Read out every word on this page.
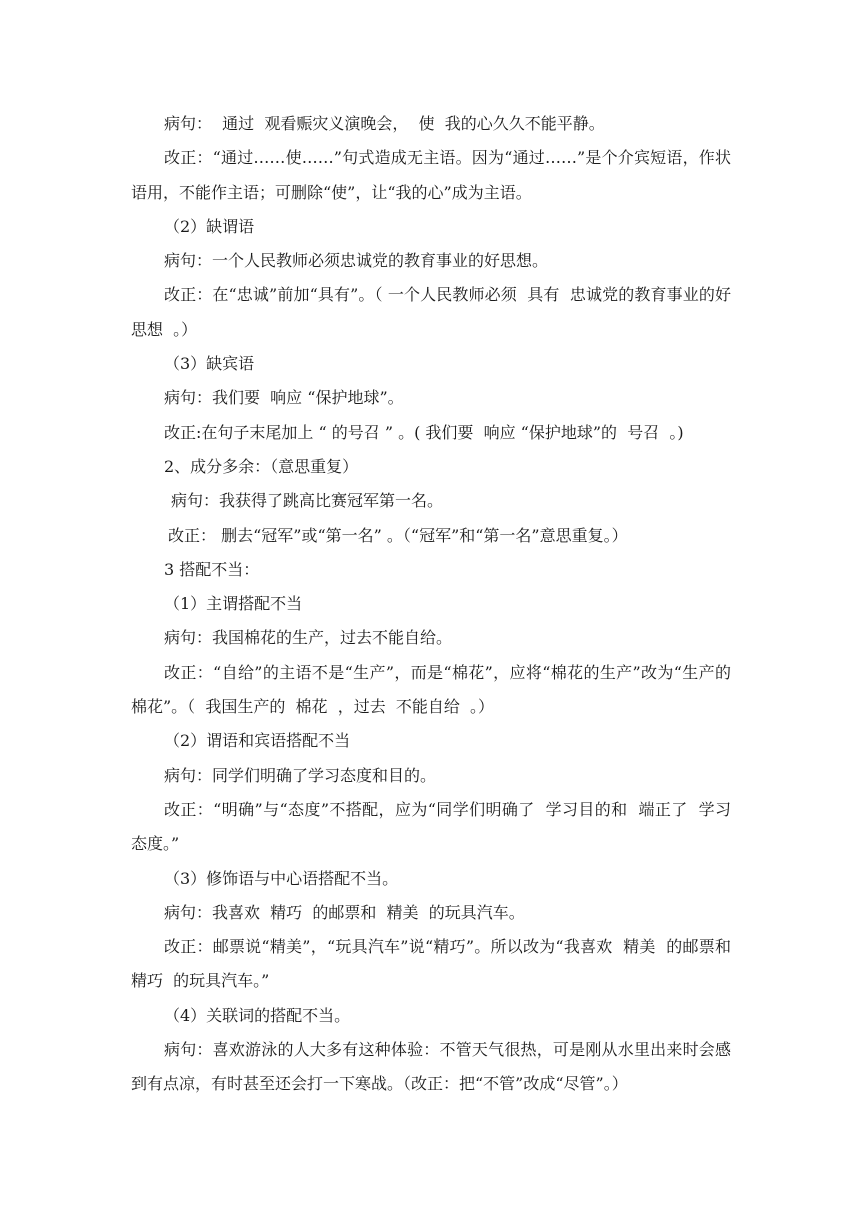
病句：  通过  观看赈灾义演晚会，  使  我的心久久不能平静。

改正：“通过……使……”句式造成无主语。因为“通过……”是个介宾短语，作状语用，不能作主语；可删除“使”，让“我的心”成为主语。

（2）缺谓语

病句：一个人民教师必须忠诚党的教育事业的好思想。

改正：在“忠诚”前加“具有”。（ 一个人民教师必须  具有  忠诚党的教育事业的好  思想  。）

（3）缺宾语

病句：我们要  响应 “保护地球”。

改正:在句子末尾加上 “ 的号召 ” 。( 我们要  响应 “保护地球”的  号召  。)

2、成分多余：（意思重复）

病句：我获得了跳高比赛冠军第一名。

改正： 删去“冠军”或“第一名” 。（“冠军”和“第一名”意思重复。）

3 搭配不当：

（1）主谓搭配不当

病句：我国棉花的生产，过去不能自给。

改正：“自给”的主语不是“生产”，而是“棉花”，应将“棉花的生产”改为“生产的棉花”。（  我国生产的  棉花  ，过去  不能自给  。）

（2）谓语和宾语搭配不当

病句：同学们明确了学习态度和目的。

改正：“明确”与“态度”不搭配，应为“同学们明确了  学习目的和  端正了  学习态度。”

（3）修饰语与中心语搭配不当。

病句：我喜欢  精巧  的邮票和  精美  的玩具汽车。

改正：邮票说“精美”，“玩具汽车”说“精巧”。所以改为“我喜欢  精美  的邮票和  精巧  的玩具汽车。”

（4）关联词的搭配不当。

病句：喜欢游泳的人大多有这种体验：不管天气很热，可是刚从水里出来时会感到有点凉，有时甚至还会打一下寒战。（改正：把“不管”改成“尽管”。）
